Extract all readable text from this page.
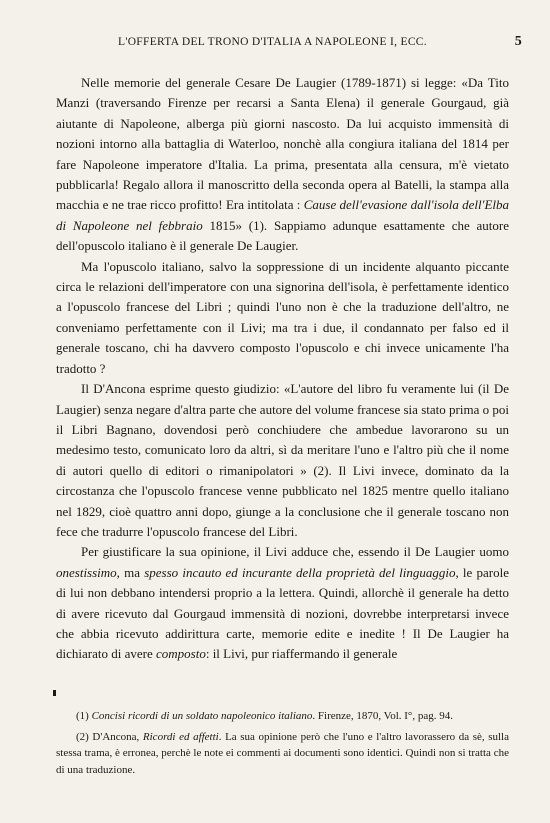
L'OFFERTA DEL TRONO D'ITALIA A NAPOLEONE I, ECC.	5

Nelle memorie del generale Cesare De Laugier (1789-1871) si legge: «Da Tito Manzi (traversando Firenze per recarsi a Santa Elena) il generale Gourgaud, già aiutante di Napoleone, alberga più giorni nascosto. Da lui acquisto immensità di nozioni intorno alla battaglia di Waterloo, nonchè alla congiura italiana del 1814 per fare Napoleone imperatore d'Italia. La prima, presentata alla censura, m'è vietato pubblicarla! Regalo allora il manoscritto della seconda opera al Batelli, la stampa alla macchia e ne trae ricco profitto! Era intitolata : Cause dell'evasione dall'isola dell'Elba di Napoleone nel febbraio 1815» (1). Sappiamo adunque esattamente che autore dell'opuscolo italiano è il generale De Laugier.

Ma l'opuscolo italiano, salvo la soppressione di un incidente alquanto piccante circa le relazioni dell'imperatore con una signorina dell'isola, è perfettamente identico a l'opuscolo francese del Libri ; quindi l'uno non è che la traduzione dell'altro, ne conveniamo perfettamente con il Livi; ma tra i due, il condannato per falso ed il generale toscano, chi ha davvero composto l'opuscolo e chi invece unicamente l'ha tradotto ?

Il D'Ancona esprime questo giudizio: «L'autore del libro fu veramente lui (il De Laugier) senza negare d'altra parte che autore del volume francese sia stato prima o poi il Libri Bagnano, dovendosi però conchiudere che ambedue lavorarono su un medesimo testo, comunicato loro da altri, sì da meritare l'uno e l'altro più che il nome di autori quello di editori o rimanipolatori » (2). Il Livi invece, dominato da la circostanza che l'opuscolo francese venne pubblicato nel 1825 mentre quello italiano nel 1829, cioè quattro anni dopo, giunge a la conclusione che il generale toscano non fece che tradurre l'opuscolo francese del Libri.

Per giustificare la sua opinione, il Livi adduce che, essendo il De Laugier uomo onestissimo, ma spesso incauto ed incurante della proprietà del linguaggio, le parole di lui non debbano intendersi proprio a la lettera. Quindi, allorchè il generale ha detto di avere ricevuto dal Gourgaud immensità di nozioni, dovrebbe interpretarsi invece che abbia ricevuto addirittura carte, memorie edite e inedite ! Il De Laugier ha dichiarato di avere composto: il Livi, pur riaffermando il generale

(1) Concisi ricordi di un soldato napoleonico italiano. Firenze, 1870, Vol. I°, pag. 94.

(2) D'Ancona, Ricordi ed affetti. La sua opinione però che l'uno e l'altro lavorassero da sè, sulla stessa trama, è erronea, perchè le note ei commenti ai documenti sono identici. Quindi non si tratta che di una traduzione.
